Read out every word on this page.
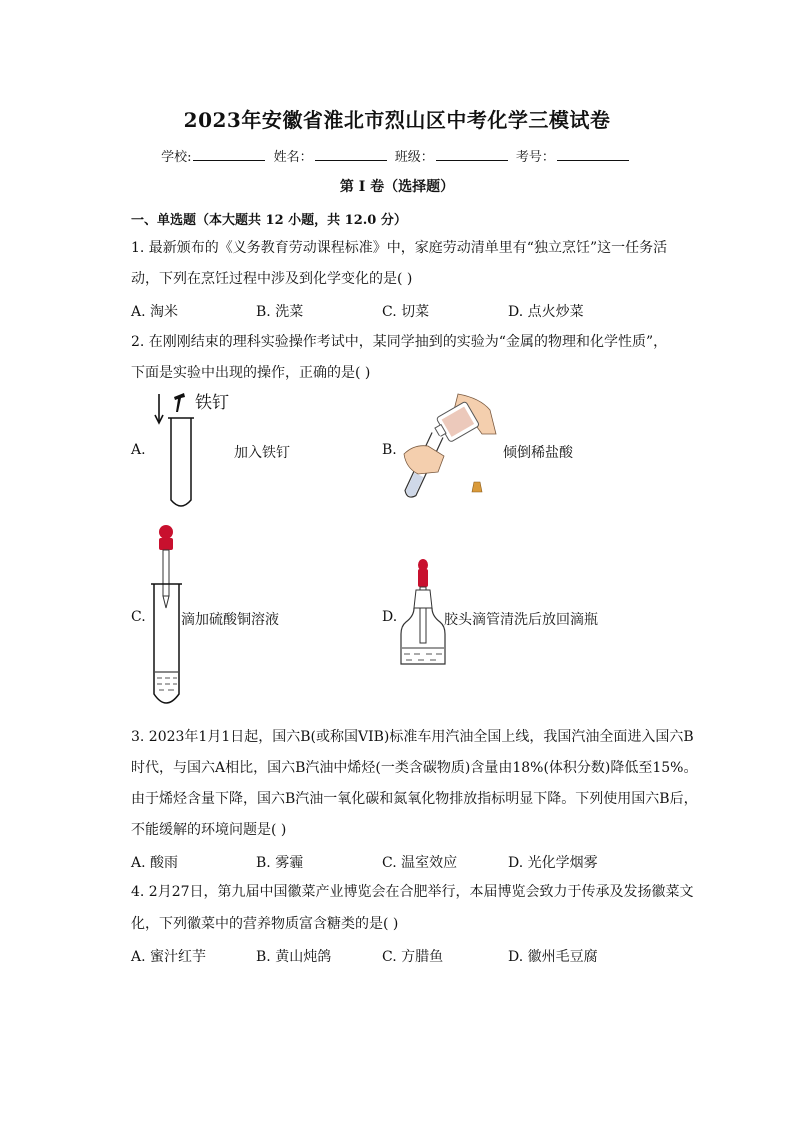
2023年安徽省淮北市烈山区中考化学三模试卷
学校:	姓名：	班级：	考号：
第 I 卷（选择题）
一、单选题（本大题共 12 小题，共 12.0 分）
1. 最新颁布的《义务教育劳动课程标准》中，家庭劳动清单里有“独立烹饪”这一任务活
动，下列在烹饪过程中涉及到化学变化的是( )
A. 淘米	B. 洗菜	C. 切菜	D. 点火炒菜
2. 在刚刚结束的理科实验操作考试中，某同学抽到的实验为“金属的物理和化学性质”，
下面是实验中出现的操作，正确的是( )
铁钉
A.	加入铁钉	B.	倾倒稀盐酸
C.	滴加硫酸铜溶液	D.	胶头滴管清洗后放回滴瓶
3. 2023年1月1日起，国六B(或称国VIB)标准车用汽油全国上线，我国汽油全面进入国六B
时代，与国六A相比，国六B汽油中烯烃(一类含碳物质)含量由18%(体积分数)降低至15%。
由于烯烃含量下降，国六B汽油一氧化碳和氮氧化物排放指标明显下降。下列使用国六B后，
不能缓解的环境问题是( )
A. 酸雨	B. 雾霾	C. 温室效应	D. 光化学烟雾
4. 2月27日，第九届中国徽菜产业博览会在合肥举行，本届博览会致力于传承及发扬徽菜文
化，下列徽菜中的营养物质富含糖类的是( )
A. 蜜汁红芋	B. 黄山炖鸽	C. 方腊鱼	D. 徽州毛豆腐
